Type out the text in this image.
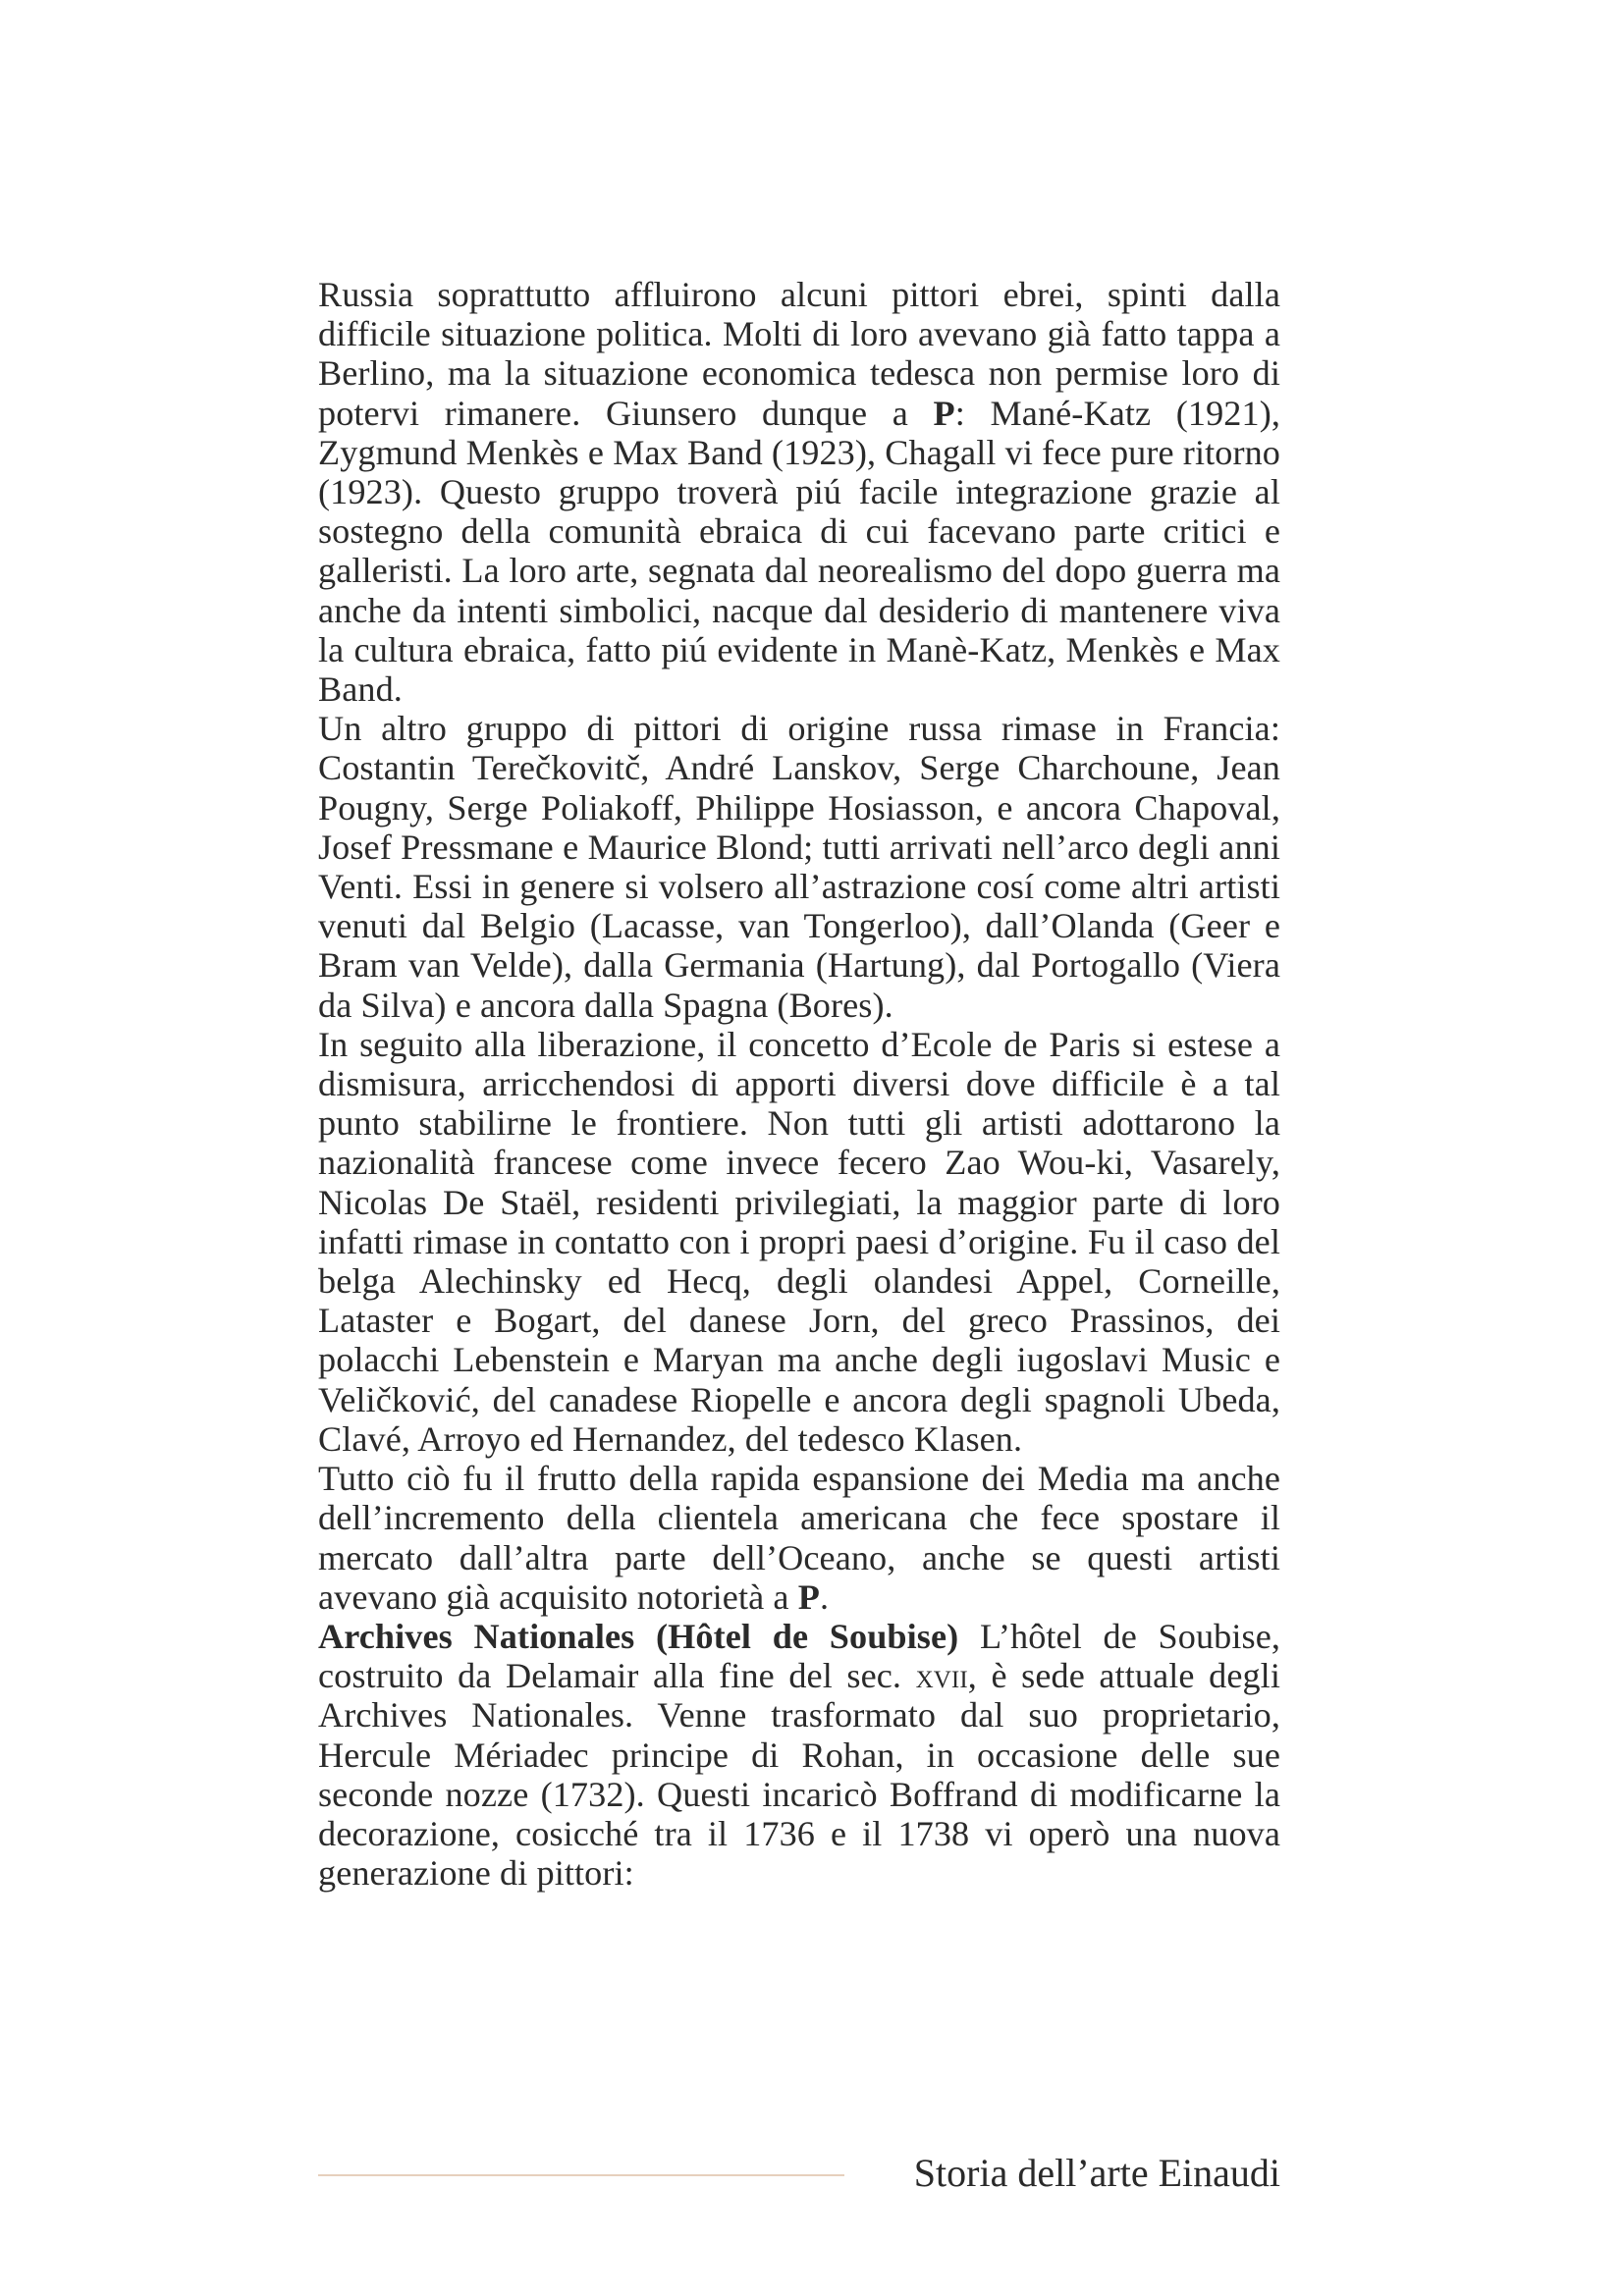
Russia soprattutto affluirono alcuni pittori ebrei, spinti dalla difficile situazione politica. Molti di loro avevano già fatto tappa a Berlino, ma la situazione economica tedesca non permise loro di potervi rimanere. Giunsero dunque a P: Mané-Katz (1921), Zygmund Menkès e Max Band (1923), Chagall vi fece pure ritorno (1923). Questo gruppo troverà piú facile integrazione grazie al sostegno della comunità ebraica di cui facevano parte critici e galleristi. La loro arte, segnata dal neorealismo del dopo guerra ma anche da intenti simbolici, nacque dal desiderio di mantenere viva la cultura ebraica, fatto piú evidente in Manè-Katz, Menkès e Max Band.

Un altro gruppo di pittori di origine russa rimase in Francia: Costantin Terečkovitč, André Lanskov, Serge Charchoune, Jean Pougny, Serge Poliakoff, Philippe Hosiasson, e ancora Chapoval, Josef Pressmane e Maurice Blond; tutti arrivati nell’arco degli anni Venti. Essi in genere si volsero all’astrazione cosí come altri artisti venuti dal Belgio (Lacasse, van Tongerloo), dall’Olanda (Geer e Bram van Velde), dalla Germania (Hartung), dal Portogallo (Viera da Silva) e ancora dalla Spagna (Bores).

In seguito alla liberazione, il concetto d’Ecole de Paris si estese a dismisura, arricchendosi di apporti diversi dove difficile è a tal punto stabilirne le frontiere. Non tutti gli artisti adottarono la nazionalità francese come invece fecero Zao Wou-ki, Vasarely, Nicolas De Staël, residenti privilegiati, la maggior parte di loro infatti rimase in contatto con i propri paesi d’origine. Fu il caso del belga Alechinsky ed Hecq, degli olandesi Appel, Corneille, Lataster e Bogart, del danese Jorn, del greco Prassinos, dei polacchi Lebenstein e Maryan ma anche degli iugoslavi Music e Veličković, del canadese Riopelle e ancora degli spagnoli Ubeda, Clavé, Arroyo ed Hernandez, del tedesco Klasen.

Tutto ciò fu il frutto della rapida espansione dei Media ma anche dell’incremento della clientela americana che fece spostare il mercato dall’altra parte dell’Oceano, anche se questi artisti avevano già acquisito notorietà a P.

Archives Nationales (Hôtel de Soubise) L’hôtel de Soubise, costruito da Delamair alla fine del sec. xvii, è sede attuale degli Archives Nationales. Venne trasformato dal suo proprietario, Hercule Mériadec principe di Rohan, in occasione delle sue seconde nozze (1732). Questi incaricò Boffrand di modificarne la decorazione, cosicché tra il 1736 e il 1738 vi operò una nuova generazione di pittori:

Storia dell’arte Einaudi
